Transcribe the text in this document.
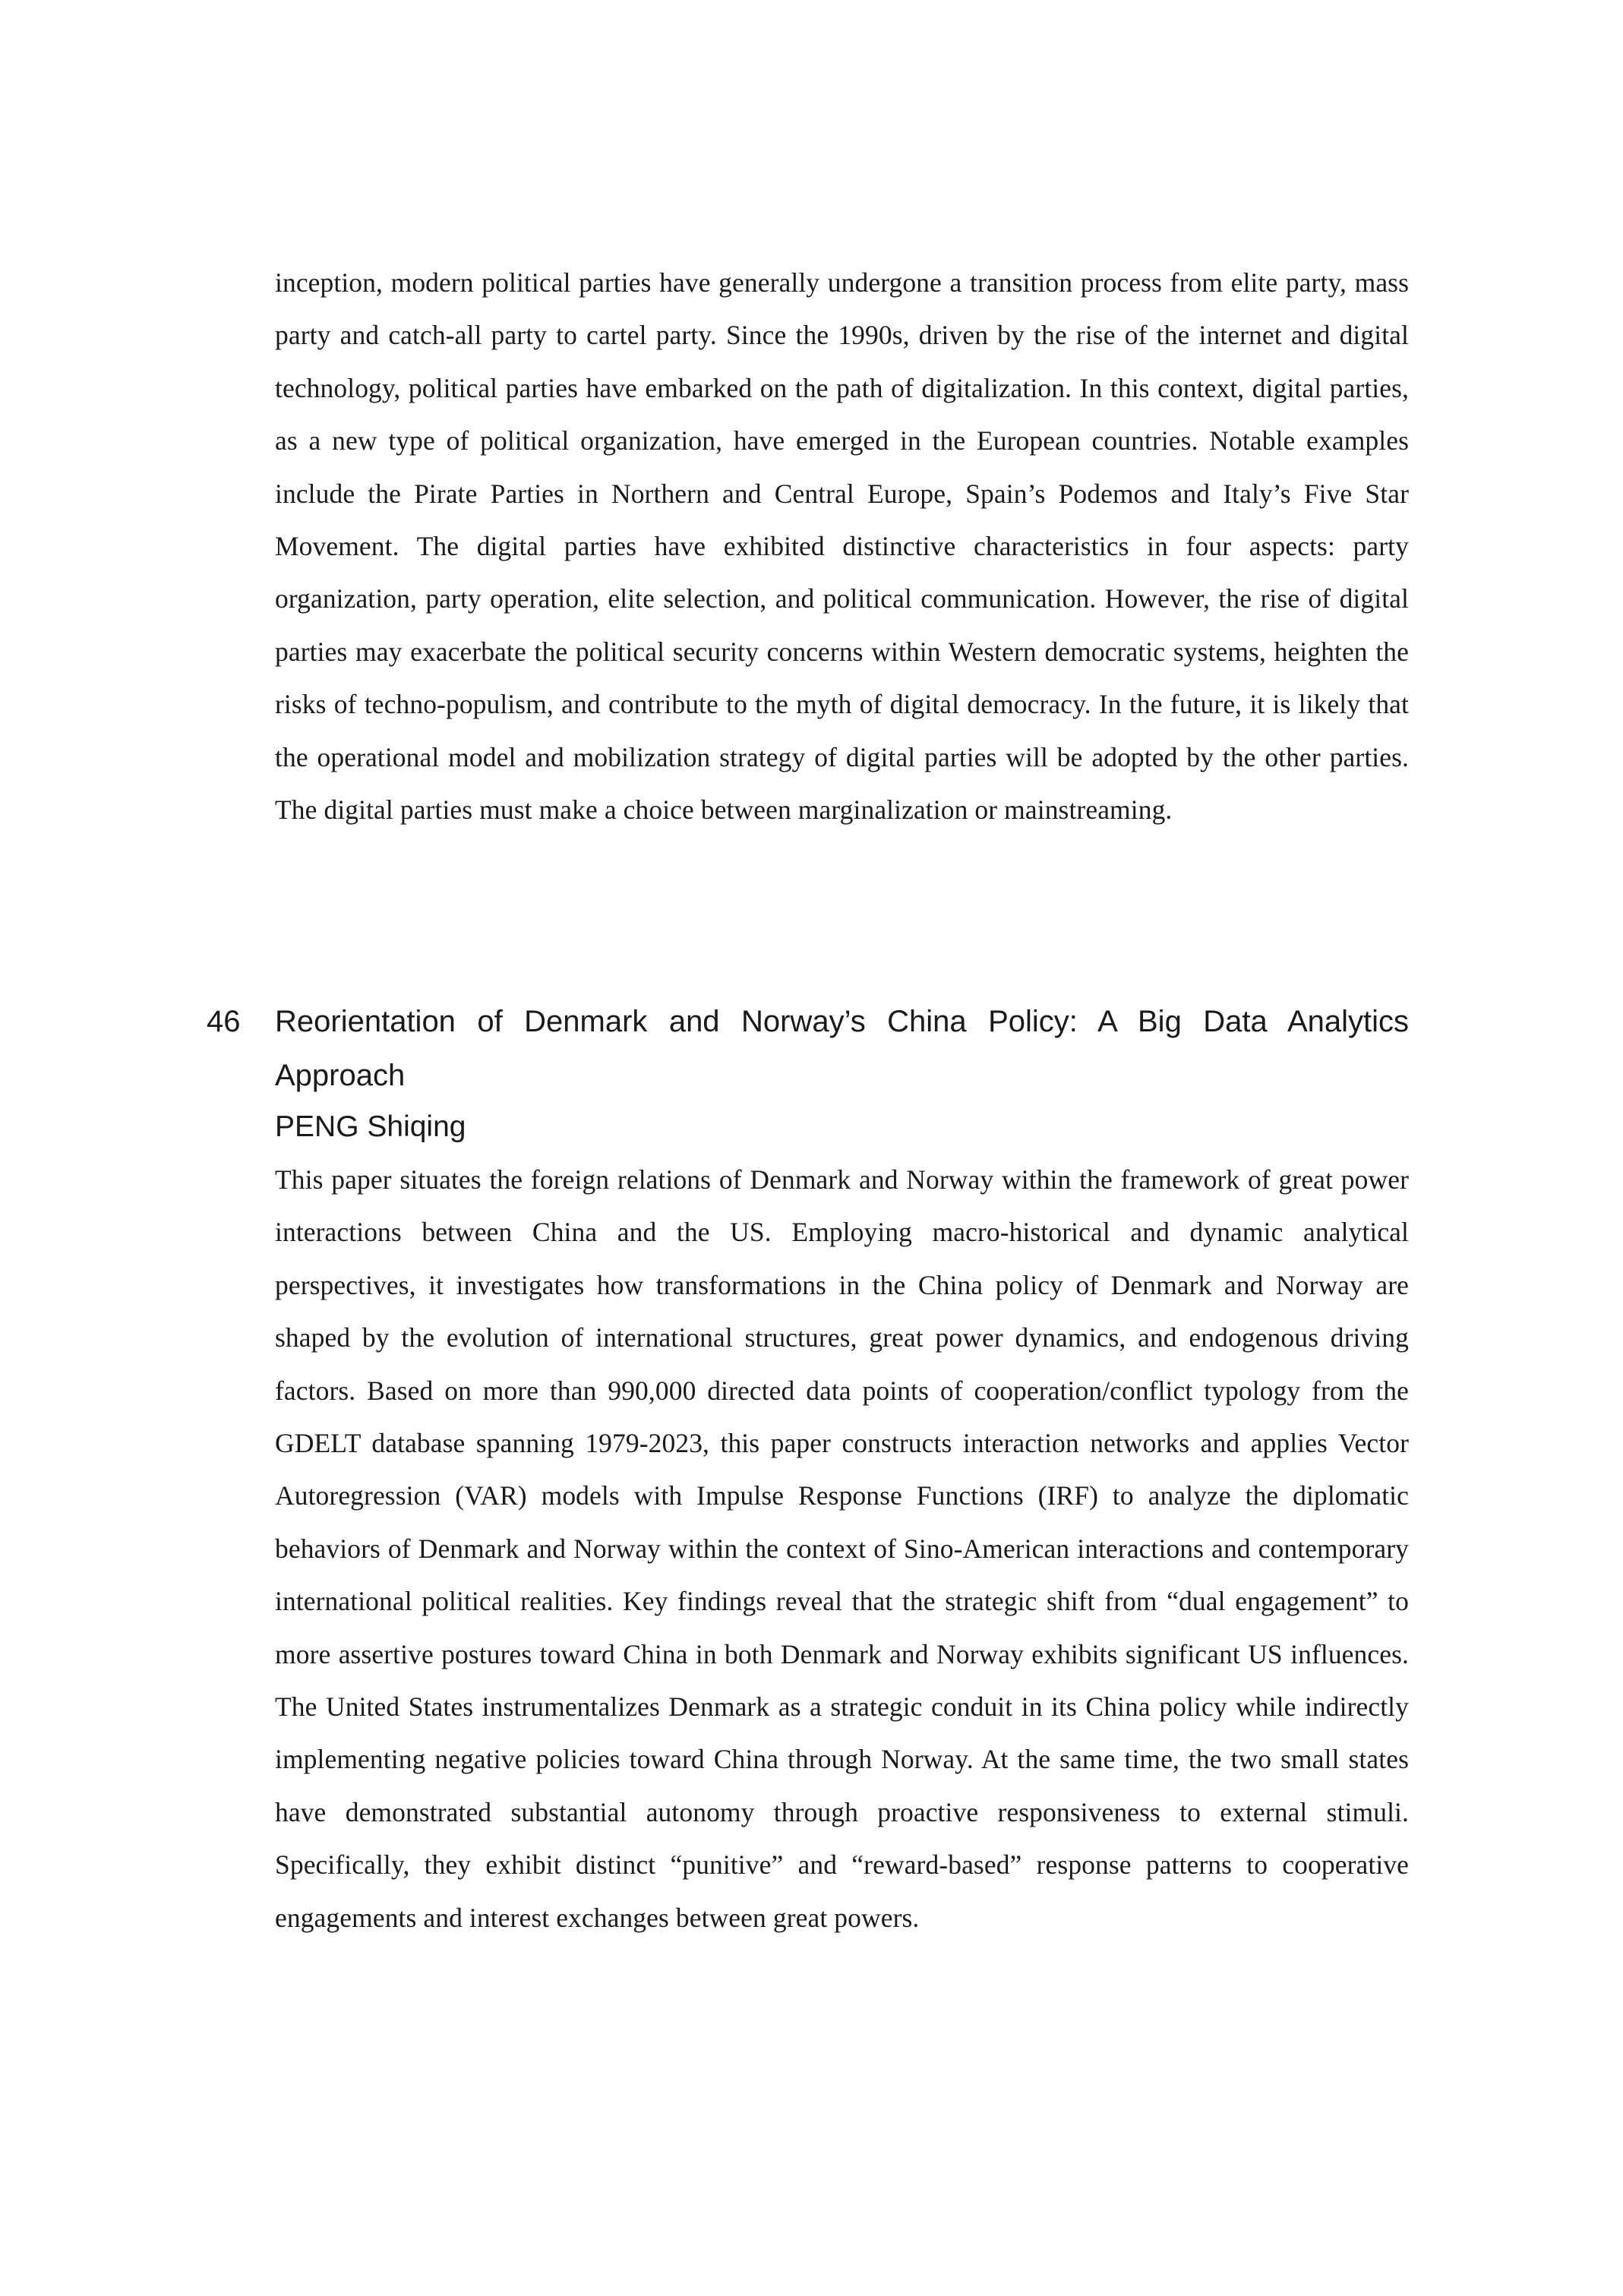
inception, modern political parties have generally undergone a transition process from elite party, mass party and catch-all party to cartel party. Since the 1990s, driven by the rise of the internet and digital technology, political parties have embarked on the path of digitalization. In this context, digital parties, as a new type of political organization, have emerged in the European countries. Notable examples include the Pirate Parties in Northern and Central Europe, Spain’s Podemos and Italy’s Five Star Movement. The digital parties have exhibited distinctive characteristics in four aspects: party organization, party operation, elite selection, and political communication. However, the rise of digital parties may exacerbate the political security concerns within Western democratic systems, heighten the risks of techno-populism, and contribute to the myth of digital democracy. In the future, it is likely that the operational model and mobilization strategy of digital parties will be adopted by the other parties. The digital parties must make a choice between marginalization or mainstreaming.

46 Reorientation of Denmark and Norway’s China Policy: A Big Data Analytics Approach
PENG Shiqing

This paper situates the foreign relations of Denmark and Norway within the framework of great power interactions between China and the US. Employing macro-historical and dynamic analytical perspectives, it investigates how transformations in the China policy of Denmark and Norway are shaped by the evolution of international structures, great power dynamics, and endogenous driving factors. Based on more than 990,000 directed data points of cooperation/conflict typology from the GDELT database spanning 1979-2023, this paper constructs interaction networks and applies Vector Autoregression (VAR) models with Impulse Response Functions (IRF) to analyze the diplomatic behaviors of Denmark and Norway within the context of Sino-American interactions and contemporary international political realities. Key findings reveal that the strategic shift from “dual engagement” to more assertive postures toward China in both Denmark and Norway exhibits significant US influences. The United States instrumentalizes Denmark as a strategic conduit in its China policy while indirectly implementing negative policies toward China through Norway. At the same time, the two small states have demonstrated substantial autonomy through proactive responsiveness to external stimuli. Specifically, they exhibit distinct “punitive” and “reward-based” response patterns to cooperative engagements and interest exchanges between great powers.
